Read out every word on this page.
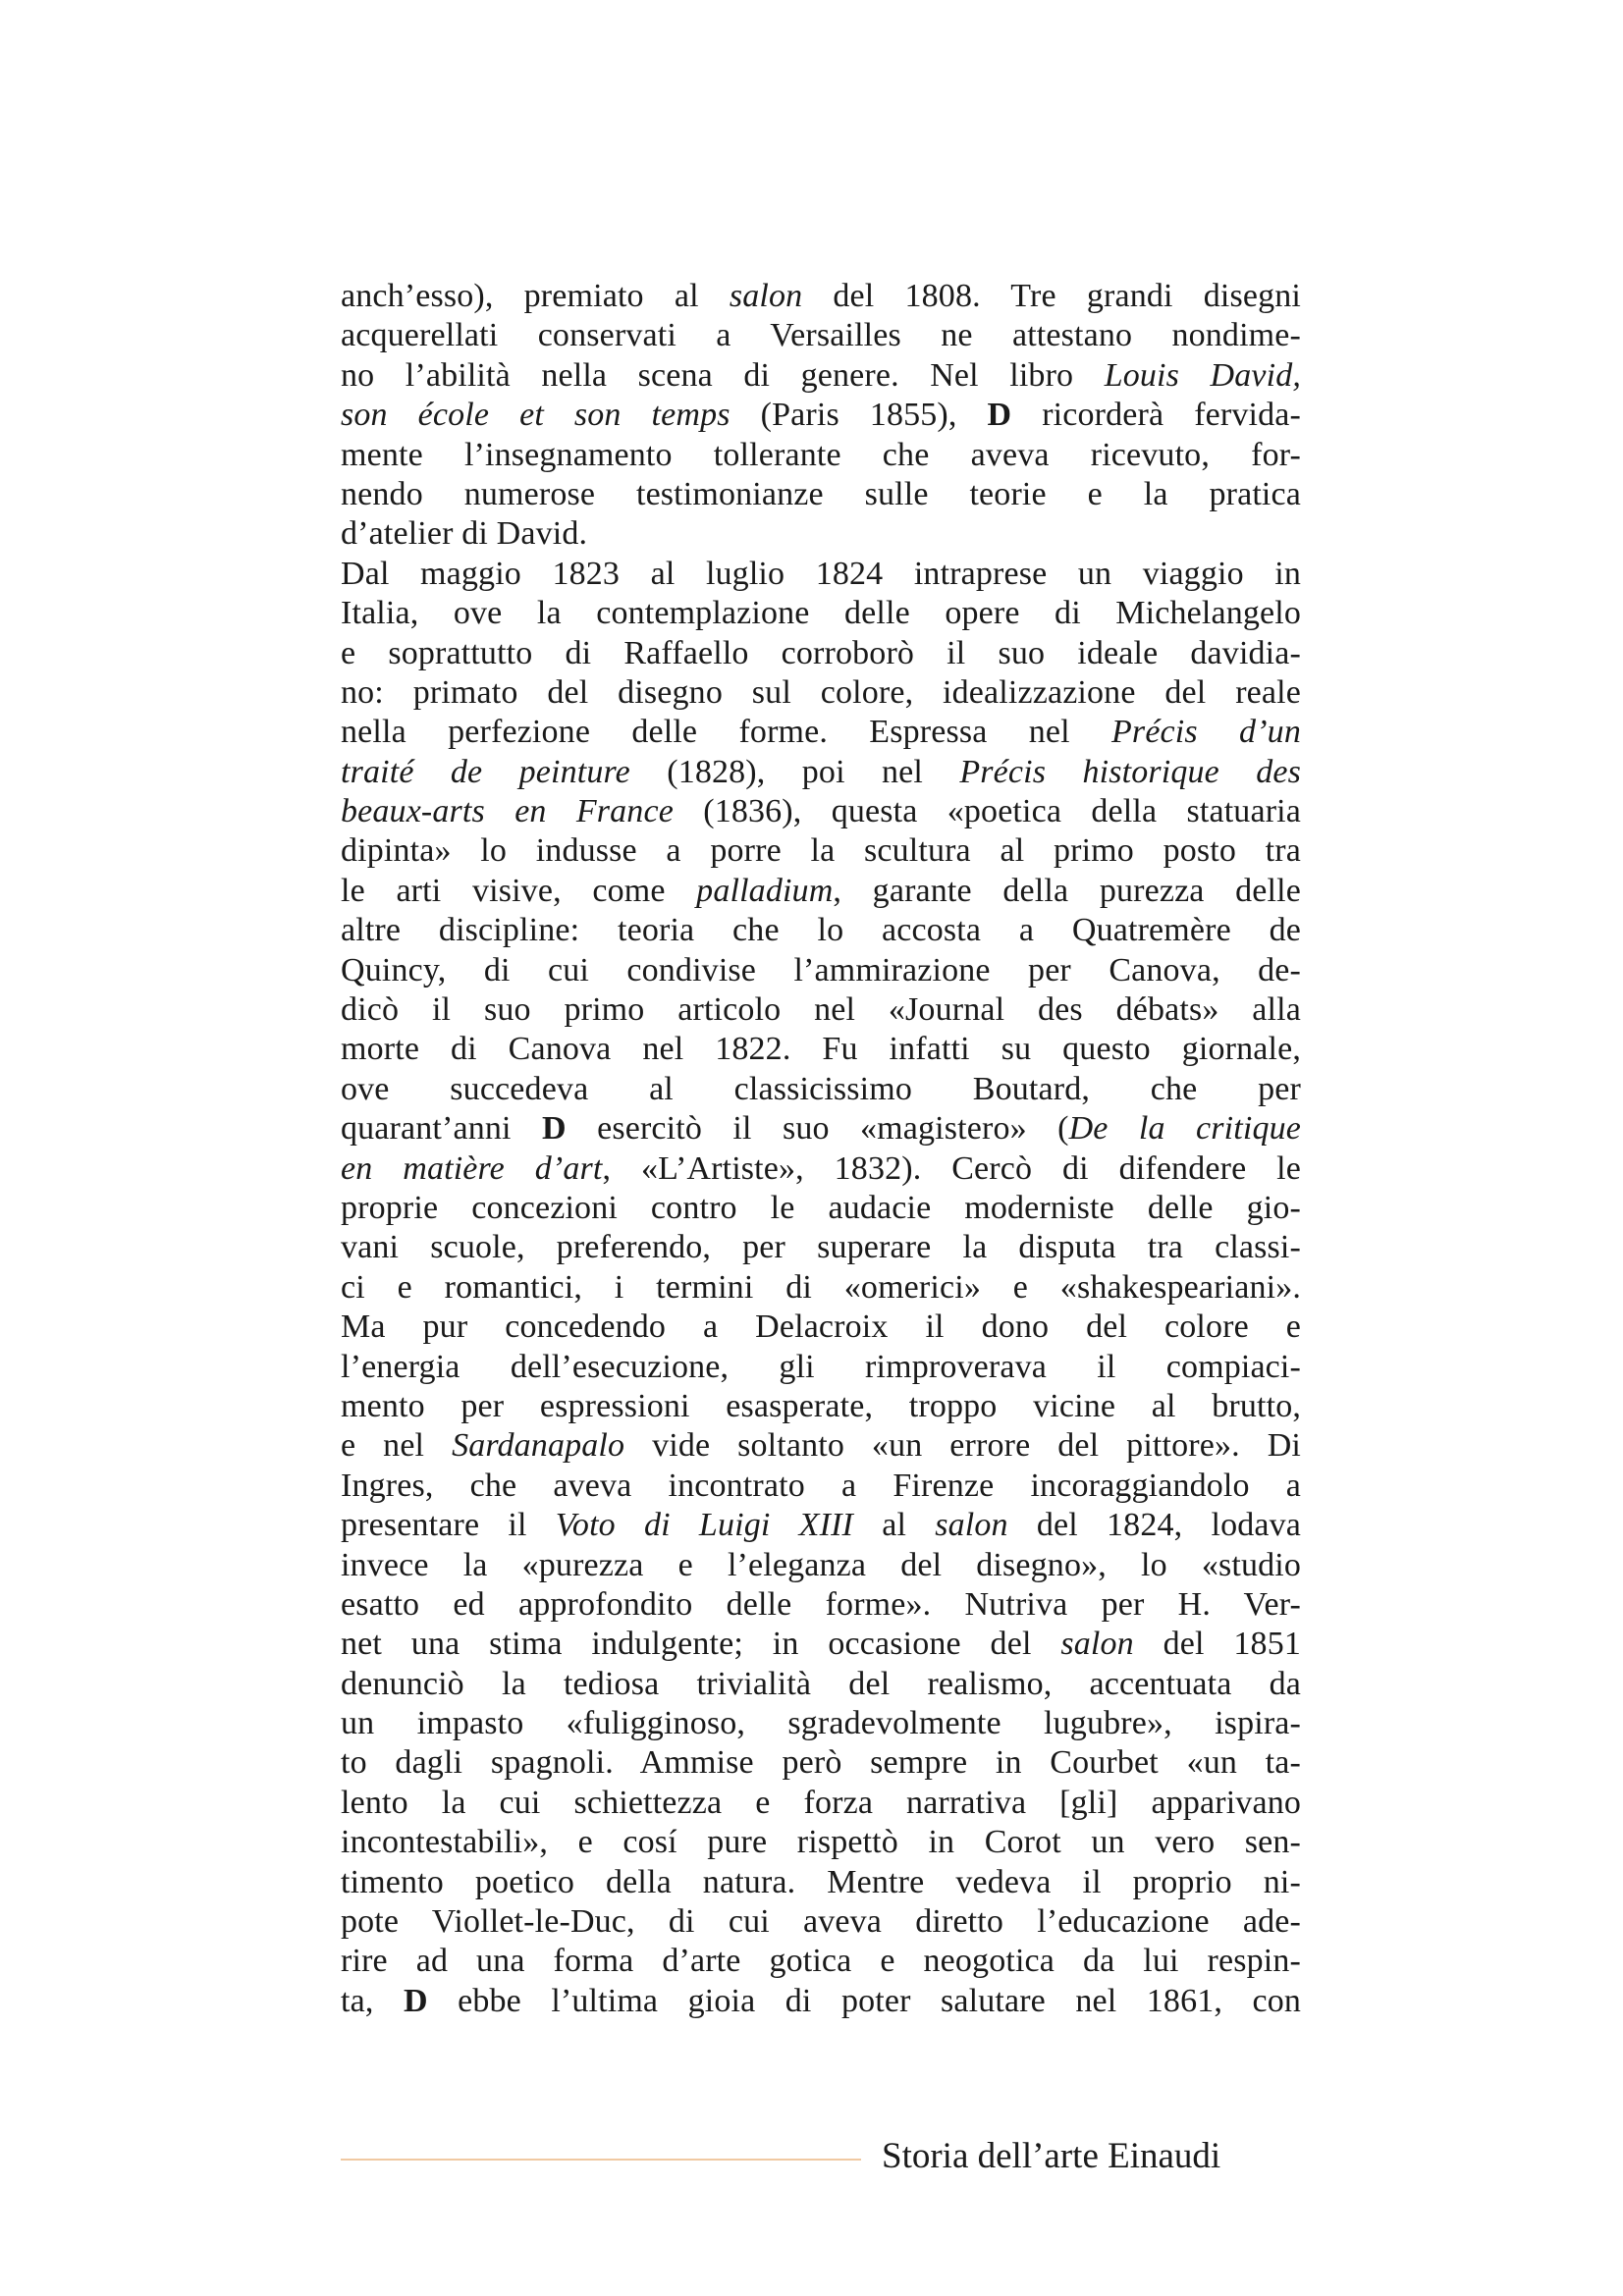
anch’esso), premiato al salon del 1808. Tre grandi disegni
acquerellati conservati a Versailles ne attestano nondime-
no l’abilità nella scena di genere. Nel libro Louis David,
son école et son temps (Paris 1855), D ricorderà fervida-
mente l’insegnamento tollerante che aveva ricevuto, for-
nendo numerose testimonianze sulle teorie e la pratica
d’atelier di David.
Dal maggio 1823 al luglio 1824 intraprese un viaggio in
Italia, ove la contemplazione delle opere di Michelangelo
e soprattutto di Raffaello corroborò il suo ideale davidia-
no: primato del disegno sul colore, idealizzazione del reale
nella perfezione delle forme. Espressa nel Précis d’un
traité de peinture (1828), poi nel Précis historique des
beaux-arts en France (1836), questa «poetica della statuaria
dipinta» lo indusse a porre la scultura al primo posto tra
le arti visive, come palladium, garante della purezza delle
altre discipline: teoria che lo accosta a Quatremère de
Quincy, di cui condivise l’ammirazione per Canova, de-
dicò il suo primo articolo nel «Journal des débats» alla
morte di Canova nel 1822. Fu infatti su questo giornale,
ove succedeva al classicissimo Boutard, che per
quarant’anni D esercitò il suo «magistero» (De la critique
en matière d’art, «L’Artiste», 1832). Cercò di difendere le
proprie concezioni contro le audacie moderniste delle gio-
vani scuole, preferendo, per superare la disputa tra classi-
ci e romantici, i termini di «omerici» e «shakespeariani».
Ma pur concedendo a Delacroix il dono del colore e
l’energia dell’esecuzione, gli rimproverava il compiaci-
mento per espressioni esasperate, troppo vicine al brutto,
e nel Sardanapalo vide soltanto «un errore del pittore». Di
Ingres, che aveva incontrato a Firenze incoraggiandolo a
presentare il Voto di Luigi XIII al salon del 1824, lodava
invece la «purezza e l’eleganza del disegno», lo «studio
esatto ed approfondito delle forme». Nutriva per H. Ver-
net una stima indulgente; in occasione del salon del 1851
denunciò la tediosa trivialità del realismo, accentuata da
un impasto «fuligginoso, sgradevolmente lugubre», ispira-
to dagli spagnoli. Ammise però sempre in Courbet «un ta-
lento la cui schiettezza e forza narrativa [gli] apparivano
incontestabili», e cosí pure rispettò in Corot un vero sen-
timento poetico della natura. Mentre vedeva il proprio ni-
pote Viollet-le-Duc, di cui aveva diretto l’educazione ade-
rire ad una forma d’arte gotica e neogotica da lui respin-
ta, D ebbe l’ultima gioia di poter salutare nel 1861, con
Storia dell’arte Einaudi
